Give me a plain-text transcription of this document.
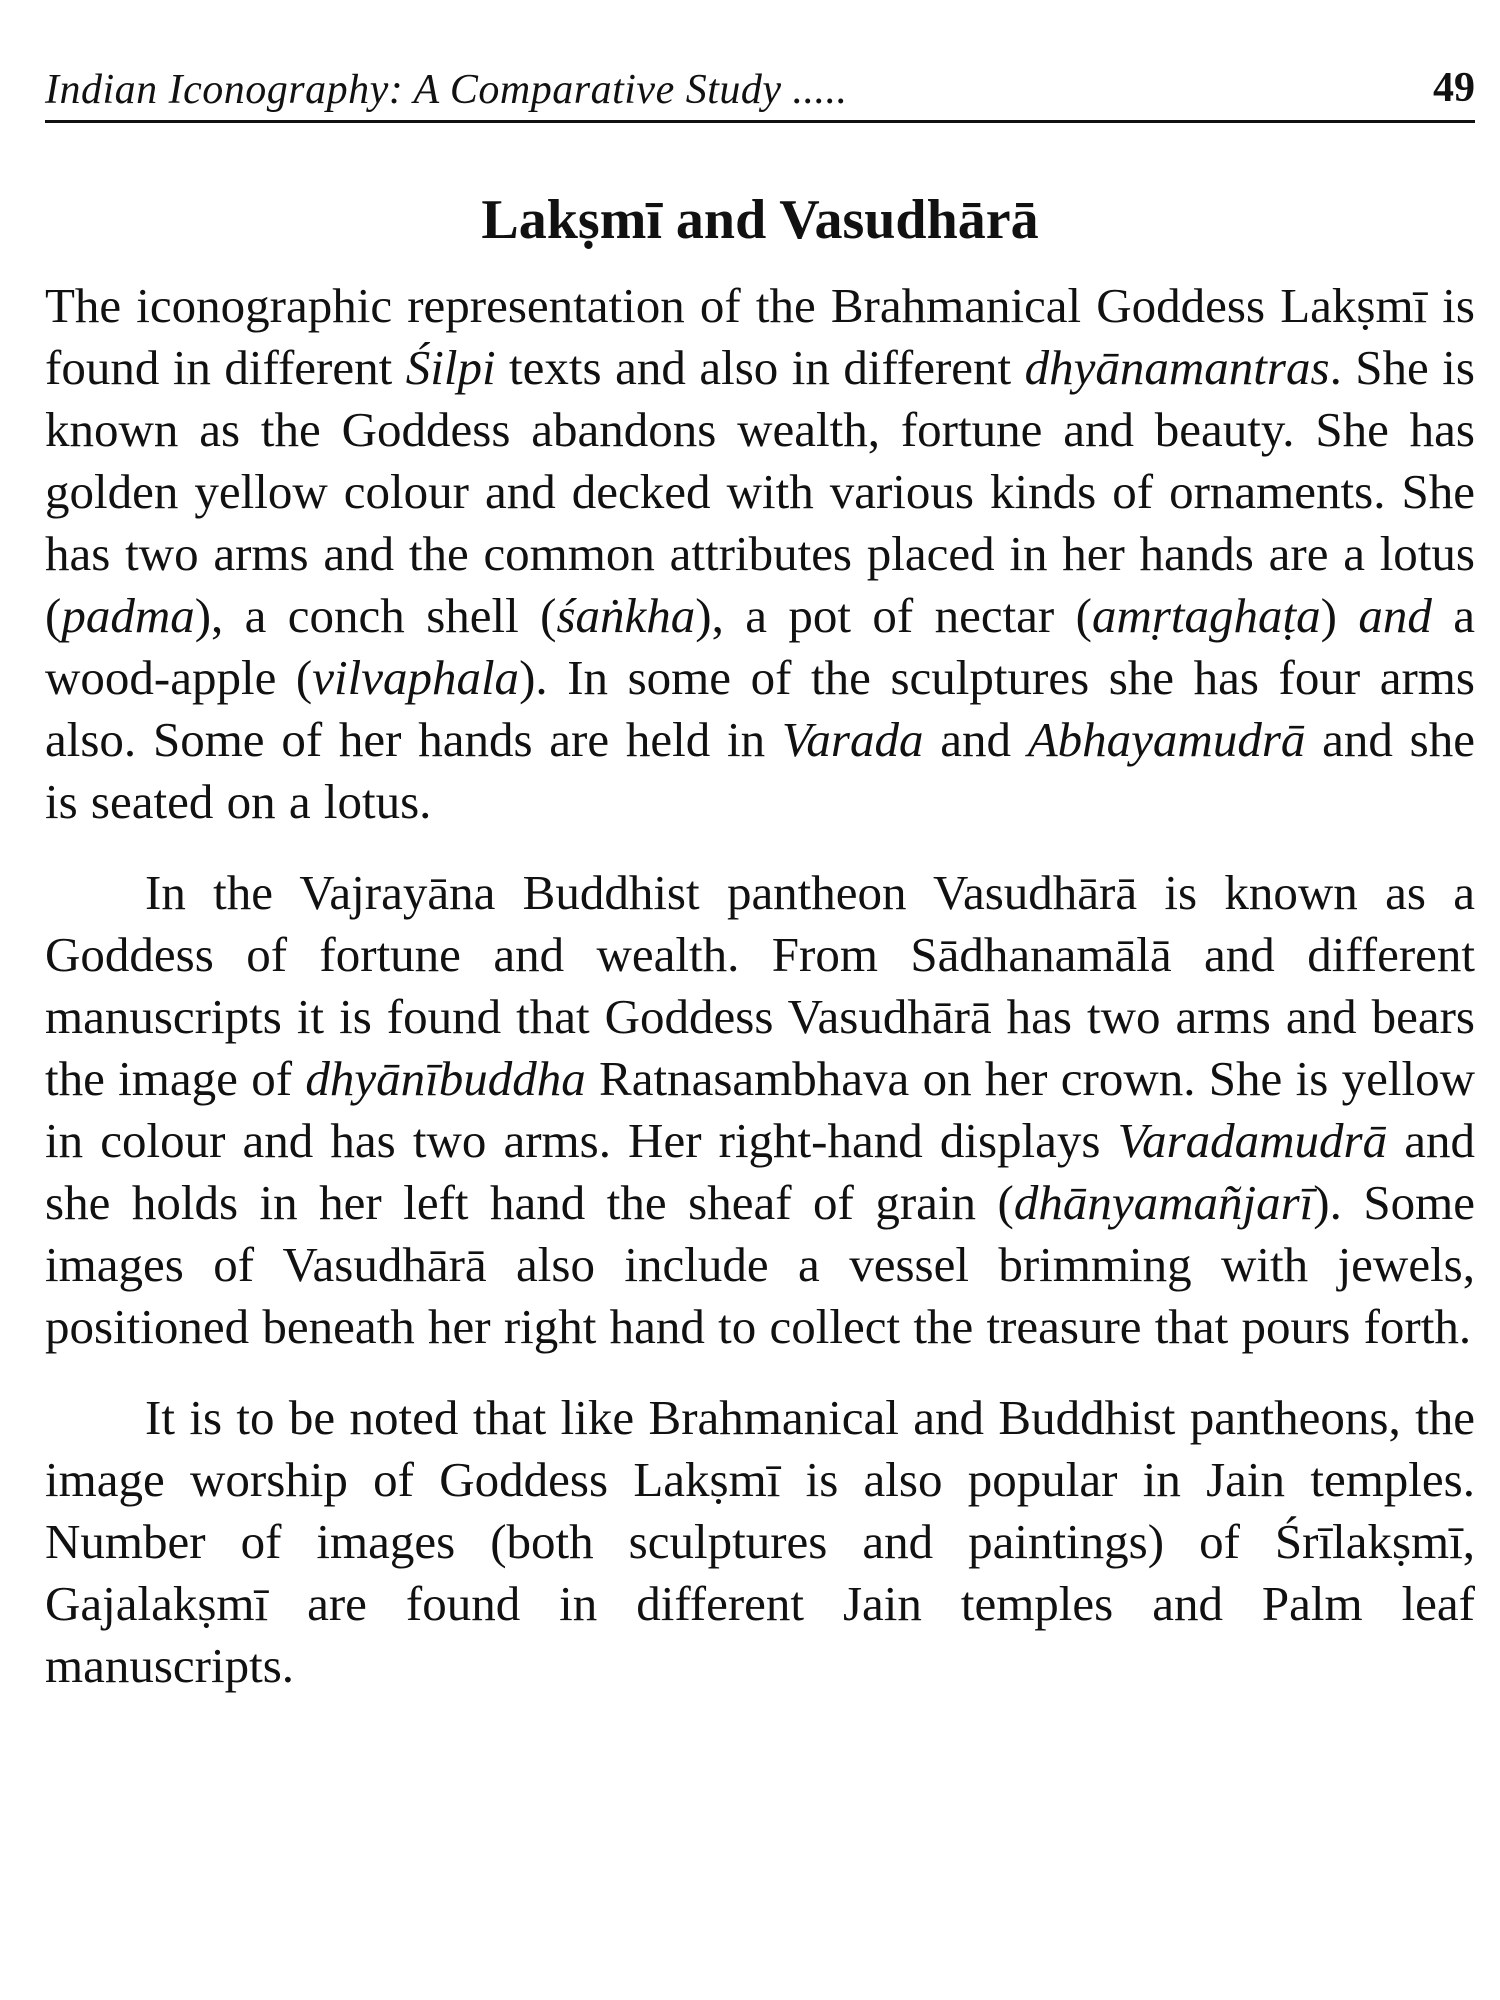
Indian Iconography: A Comparative Study .....	49
Lakṣmī and Vasudhārā

The iconographic representation of the Brahmanical Goddess Lakṣmī is found in different Śilpi texts and also in different dhyānamantras. She is known as the Goddess abandons wealth, fortune and beauty. She has golden yellow colour and decked with various kinds of ornaments. She has two arms and the common attributes placed in her hands are a lotus (padma), a conch shell (śaṅkha), a pot of nectar (amṛtaghaṭa) and a wood-apple (vilvaphala). In some of the sculptures she has four arms also. Some of her hands are held in Varada and Abhayamudrā and she is seated on a lotus.

In the Vajrayāna Buddhist pantheon Vasudhārā is known as a Goddess of fortune and wealth. From Sādhanamālā and different manuscripts it is found that Goddess Vasudhārā has two arms and bears the image of dhyānībuddha Ratnasambhava on her crown. She is yellow in colour and has two arms. Her right-hand displays Varadamudrā and she holds in her left hand the sheaf of grain (dhānyamañjarī). Some images of Vasudhārā also include a vessel brimming with jewels, positioned beneath her right hand to collect the treasure that pours forth.

It is to be noted that like Brahmanical and Buddhist pantheons, the image worship of Goddess Lakṣmī is also popular in Jain temples. Number of images (both sculptures and paintings) of Śrīlakṣmī, Gajalakṣmī are found in different Jain temples and Palm leaf manuscripts.
